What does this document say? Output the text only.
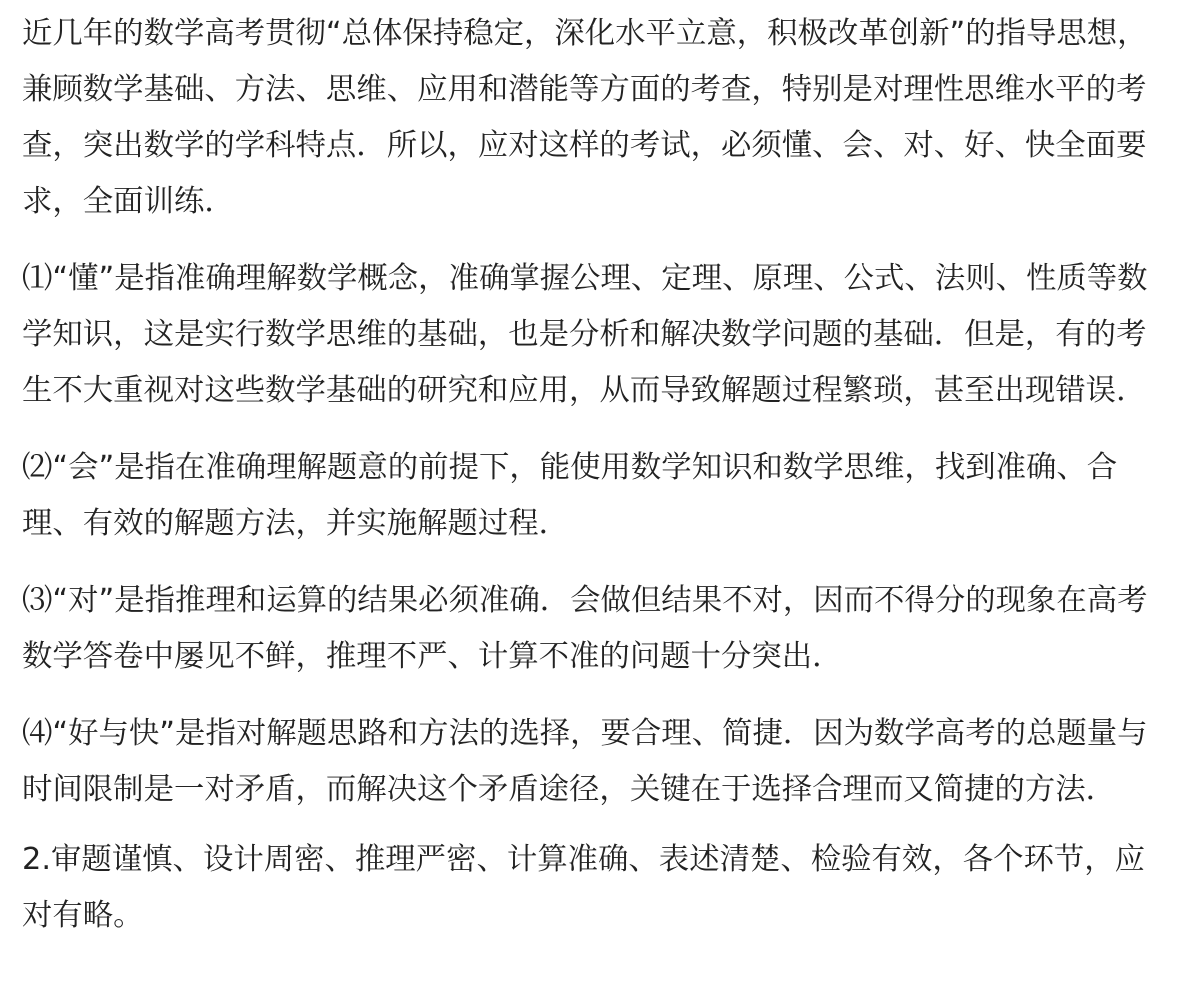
近几年的数学高考贯彻“总体保持稳定，深化水平立意，积极改革创新”的指导思想，兼顾数学基础、方法、思维、应用和潜能等方面的考查，特别是对理性思维水平的考查，突出数学的学科特点．所以，应对这样的考试，必须懂、会、对、好、快全面要求，全面训练．

⑴“懂”是指准确理解数学概念，准确掌握公理、定理、原理、公式、法则、性质等数学知识，这是实行数学思维的基础，也是分析和解决数学问题的基础．但是，有的考生不大重视对这些数学基础的研究和应用，从而导致解题过程繁琐，甚至出现错误．

⑵“会”是指在准确理解题意的前提下，能使用数学知识和数学思维，找到准确、合理、有效的解题方法，并实施解题过程．

⑶“对”是指推理和运算的结果必须准确．会做但结果不对，因而不得分的现象在高考数学答卷中屡见不鲜，推理不严、计算不准的问题十分突出．

⑷“好与快”是指对解题思路和方法的选择，要合理、简捷．因为数学高考的总题量与时间限制是一对矛盾，而解决这个矛盾途径，关键在于选择合理而又简捷的方法．

2.审题谨慎、设计周密、推理严密、计算准确、表述清楚、检验有效，各个环节，应对有略。
